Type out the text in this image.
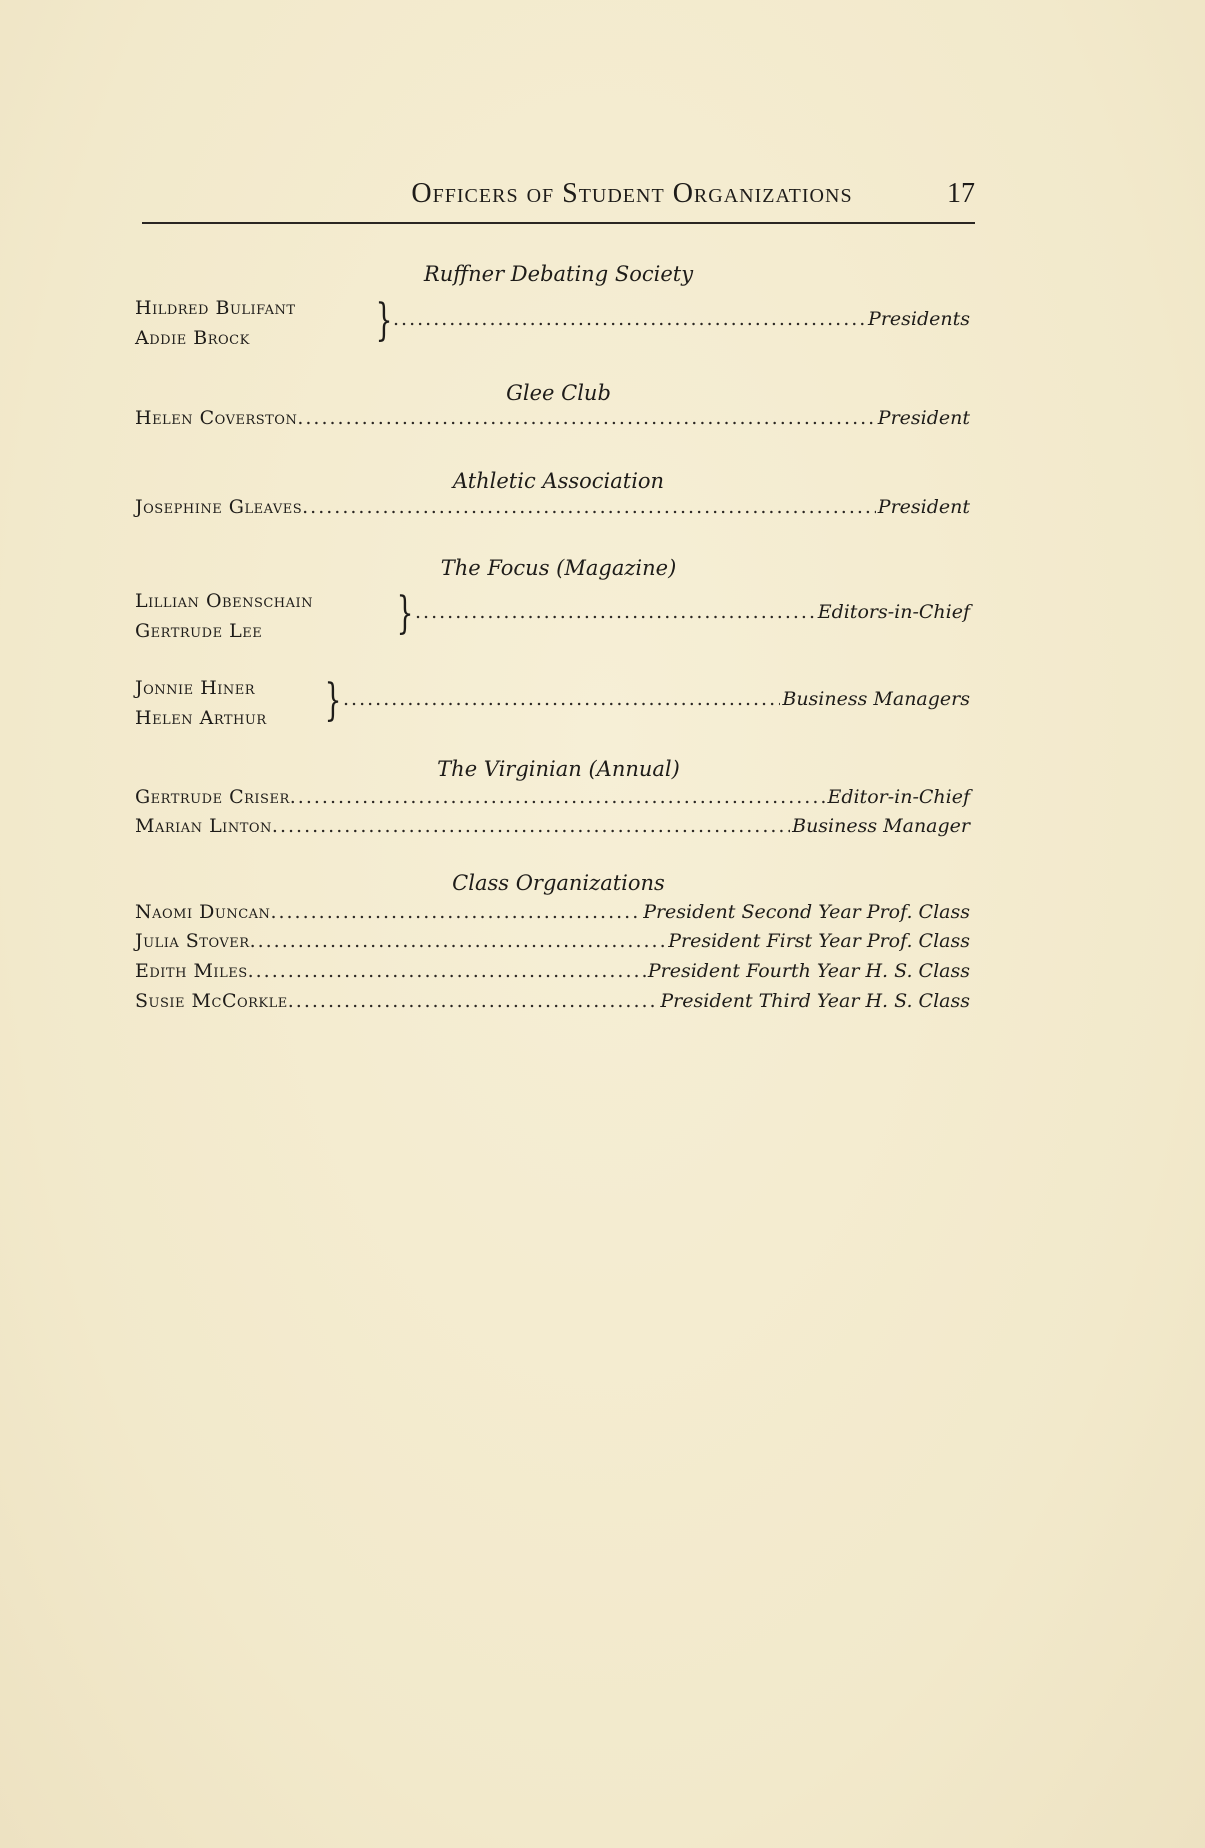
Officers of Student Organizations	17
Ruffner Debating Society
Hildred Bulifant
Addie Brock	} .....	Presidents
Glee Club
Helen Coverston .....	President
Athletic Association
Josephine Gleaves .....	President
The Focus (Magazine)
Lillian Obenschain
Gertrude Lee	} .....	Editors-in-Chief
Jonnie Hiner
Helen Arthur } .....	Business Managers
The Virginian (Annual)
Gertrude Criser .....	Editor-in-Chief
Marian Linton .....	Business Manager
Class Organizations
Naomi Duncan .....	President Second Year Prof. Class
Julia Stover .....	President First Year Prof. Class
Edith Miles .....	President Fourth Year H. S. Class
Susie McCorkle .....	President Third Year H. S. Class
